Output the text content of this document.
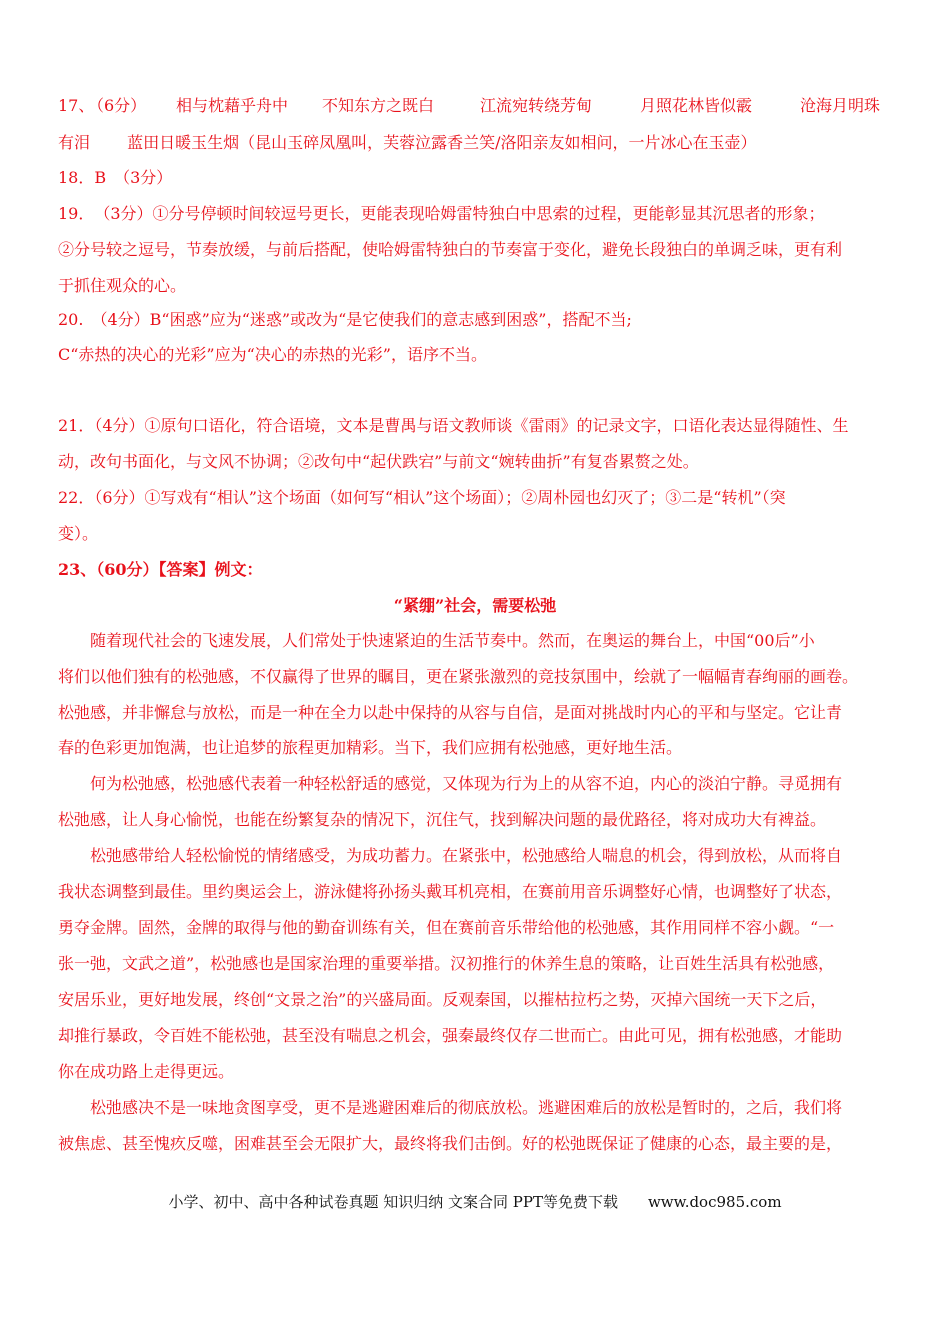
17、
（6分） 相与枕藉乎舟中 不知东方之既白	江流宛转绕芳甸	月照花林皆似霰	沧海月明珠
有泪　　 蓝田日暖玉生烟（昆山玉碎凤凰叫，芙蓉泣露香兰笑/洛阳亲友如相问，一片冰心在玉壶）
18．B　（3分）
19．　（3分）①分号停顿时间较逗号更长，更能表现哈姆雷特独白中思索的过程，更能彰显其沉思者的形象；
②分号较之逗号，节奏放缓，与前后搭配，使哈姆雷特独白的节奏富于变化，避免长段独白的单调乏味，更有利
于抓住观众的心。
20.　（4分）B“困惑”应为“迷惑”或改为“是它使我们的意志感到困惑”，搭配不当;
C“赤热的决心的光彩”应为“决心的赤热的光彩”，语序不当。
21．（4分）①原句口语化，符合语境，文本是曹禺与语文教师谈《雷雨》的记录文字，口语化表达显得随性、生
动，改句书面化，与文风不协调；②改句中“起伏跌宕”与前文“婉转曲折”有复沓累赘之处。
22．（6分）①写戏有“相认”这个场面（如何写“相认”这个场面）；②周朴园也幻灭了；③二是“转机”（突
变）。
23、（60分）【答案】例文：
“紧绷”社会，需要松弛
　　随着现代社会的飞速发展，人们常处于快速紧迫的生活节奏中。然而，在奥运的舞台上，中国“00后”小
将们以他们独有的松弛感，不仅赢得了世界的瞩目，更在紧张激烈的竞技氛围中，绘就了一幅幅青春绚丽的画卷。
松弛感，并非懈怠与放松，而是一种在全力以赴中保持的从容与自信，是面对挑战时内心的平和与坚定。它让青
春的色彩更加饱满，也让追梦的旅程更加精彩。当下，我们应拥有松弛感，更好地生活。
　　何为松弛感，松弛感代表着一种轻松舒适的感觉，又体现为行为上的从容不迫，内心的淡泊宁静。寻觅拥有
松弛感，让人身心愉悦，也能在纷繁复杂的情况下，沉住气，找到解决问题的最优路径，将对成功大有裨益。
　　松弛感带给人轻松愉悦的情绪感受，为成功蓄力。在紧张中，松弛感给人喘息的机会，得到放松，从而将自
我状态调整到最佳。里约奥运会上，游泳健将孙扬头戴耳机亮相，在赛前用音乐调整好心情，也调整好了状态，
勇夺金牌。固然，金牌的取得与他的勤奋训练有关，但在赛前音乐带给他的松弛感，其作用同样不容小觑。“一
张一弛，文武之道”，松弛感也是国家治理的重要举措。汉初推行的休养生息的策略，让百姓生活具有松弛感，
安居乐业，更好地发展，终创“文景之治”的兴盛局面。反观秦国，以摧枯拉朽之势，灭掉六国统一天下之后，
却推行暴政，令百姓不能松弛，甚至没有喘息之机会，强秦最终仅存二世而亡。由此可见，拥有松弛感，才能助
你在成功路上走得更远。
　　松弛感决不是一味地贪图享受，更不是逃避困难后的彻底放松。逃避困难后的放松是暂时的，之后，我们将
被焦虑、甚至愧疚反噬，困难甚至会无限扩大，最终将我们击倒。好的松弛既保证了健康的心态，最主要的是，
小学、初中、高中各种试卷真题 知识归纳 文案合同 PPT等免费下载　　www.doc985.com
